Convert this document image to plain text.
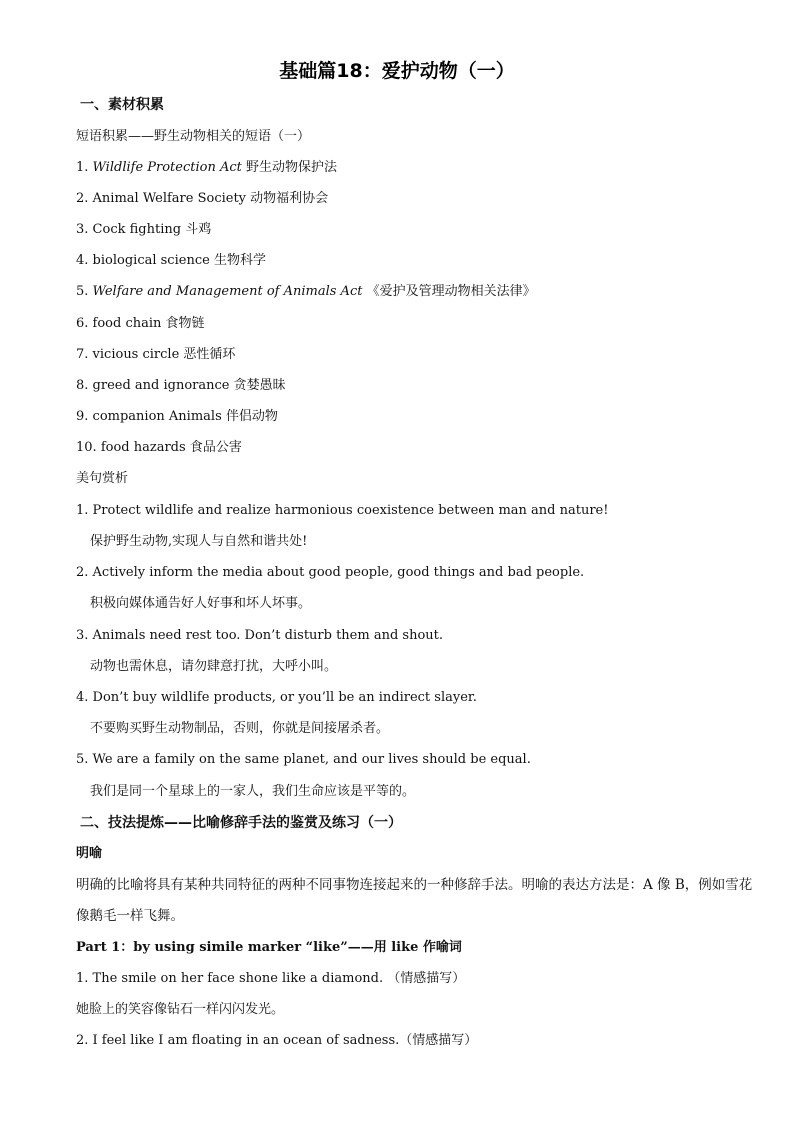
基础篇18：爱护动物（一）
一、素材积累
短语积累——野生动物相关的短语（一）
1. Wildlife Protection Act 野生动物保护法
2. Animal Welfare Society 动物福利协会
3. Cock fighting 斗鸡
4. biological science 生物科学
5. Welfare and Management of Animals Act 《爱护及管理动物相关法律》
6. food chain 食物链
7. vicious circle 恶性循环
8. greed and ignorance 贪婪愚昧
9. companion Animals 伴侣动物
10. food hazards 食品公害
美句赏析
1. Protect wildlife and realize harmonious coexistence between man and nature!
保护野生动物,实现人与自然和谐共处!
2. Actively inform the media about good people, good things and bad people.
积极向媒体通告好人好事和坏人坏事。
3. Animals need rest too. Don’t disturb them and shout.
动物也需休息，请勿肆意打扰，大呼小叫。
4. Don’t buy wildlife products, or you’ll be an indirect slayer.
不要购买野生动物制品，否则，你就是间接屠杀者。
5. We are a family on the same planet, and our lives should be equal.
我们是同一个星球上的一家人，我们生命应该是平等的。
二、技法提炼——比喻修辞手法的鉴赏及练习（一）
明喻
明确的比喻将具有某种共同特征的两种不同事物连接起来的一种修辞手法。明喻的表达方法是：A 像 B，例如雪花像鹅毛一样飞舞。
Part 1：by using simile marker “like”——用 like 作喻词
1. The smile on her face shone like a diamond. （情感描写）
她脸上的笑容像钻石一样闪闪发光。
2. I feel like I am floating in an ocean of sadness.（情感描写）
